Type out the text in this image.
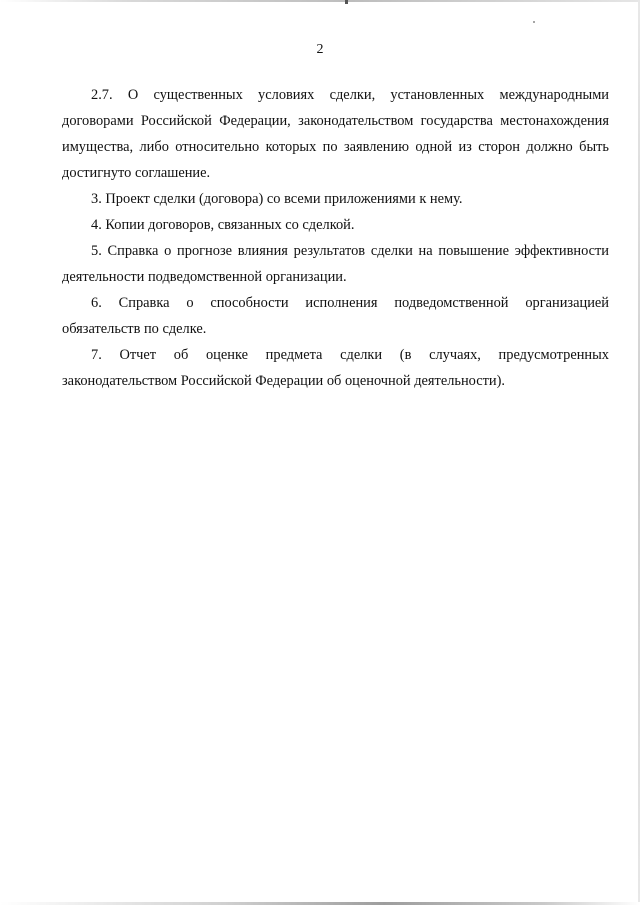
2

2.7. О существенных условиях сделки, установленных международными договорами Российской Федерации, законодательством государства местонахождения имущества, либо относительно которых по заявлению одной из сторон должно быть достигнуто соглашение.

3. Проект сделки (договора) со всеми приложениями к нему.

4. Копии договоров, связанных со сделкой.

5. Справка о прогнозе влияния результатов сделки на повышение эффективности деятельности подведомственной организации.

6. Справка о способности исполнения подведомственной организацией обязательств по сделке.

7. Отчет об оценке предмета сделки (в случаях, предусмотренных законодательством Российской Федерации об оценочной деятельности).
